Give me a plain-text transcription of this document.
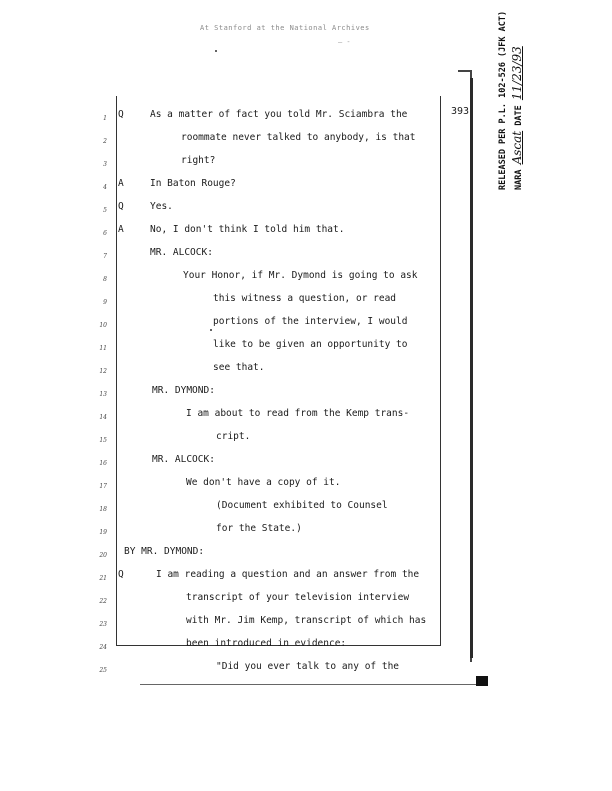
At Stanford at the National Archives
‒ ‑
393	RELEASED PER P.L. 102-526 (JFK ACT) NARA Ascat DATE 11/23/93
1 Q	As a matter of fact you told Mr. Sciambra the
2	roommate never talked to anybody, is that
3	right?
4 A	In Baton Rouge?
5 Q	Yes.
6 A	No, I don't think I told him that.
7	MR. ALCOCK:
8	Your Honor, if Mr. Dymond is going to ask
9	this witness a question, or read
10	portions of the interview, I would
11	like to be given an opportunity to
12	see that.
13	MR. DYMOND:
14	I am about to read from the Kemp trans-
15	cript.
16	MR. ALCOCK:
17	We don't have a copy of it.
18	(Document exhibited to Counsel
19	for the State.)
20 BY MR. DYMOND:
21 Q	I am reading a question and an answer from the
22	transcript of your television interview
23	with Mr. Jim Kemp, transcript of which has
24	been introduced in evidence:
25	"Did you ever talk to any of the
